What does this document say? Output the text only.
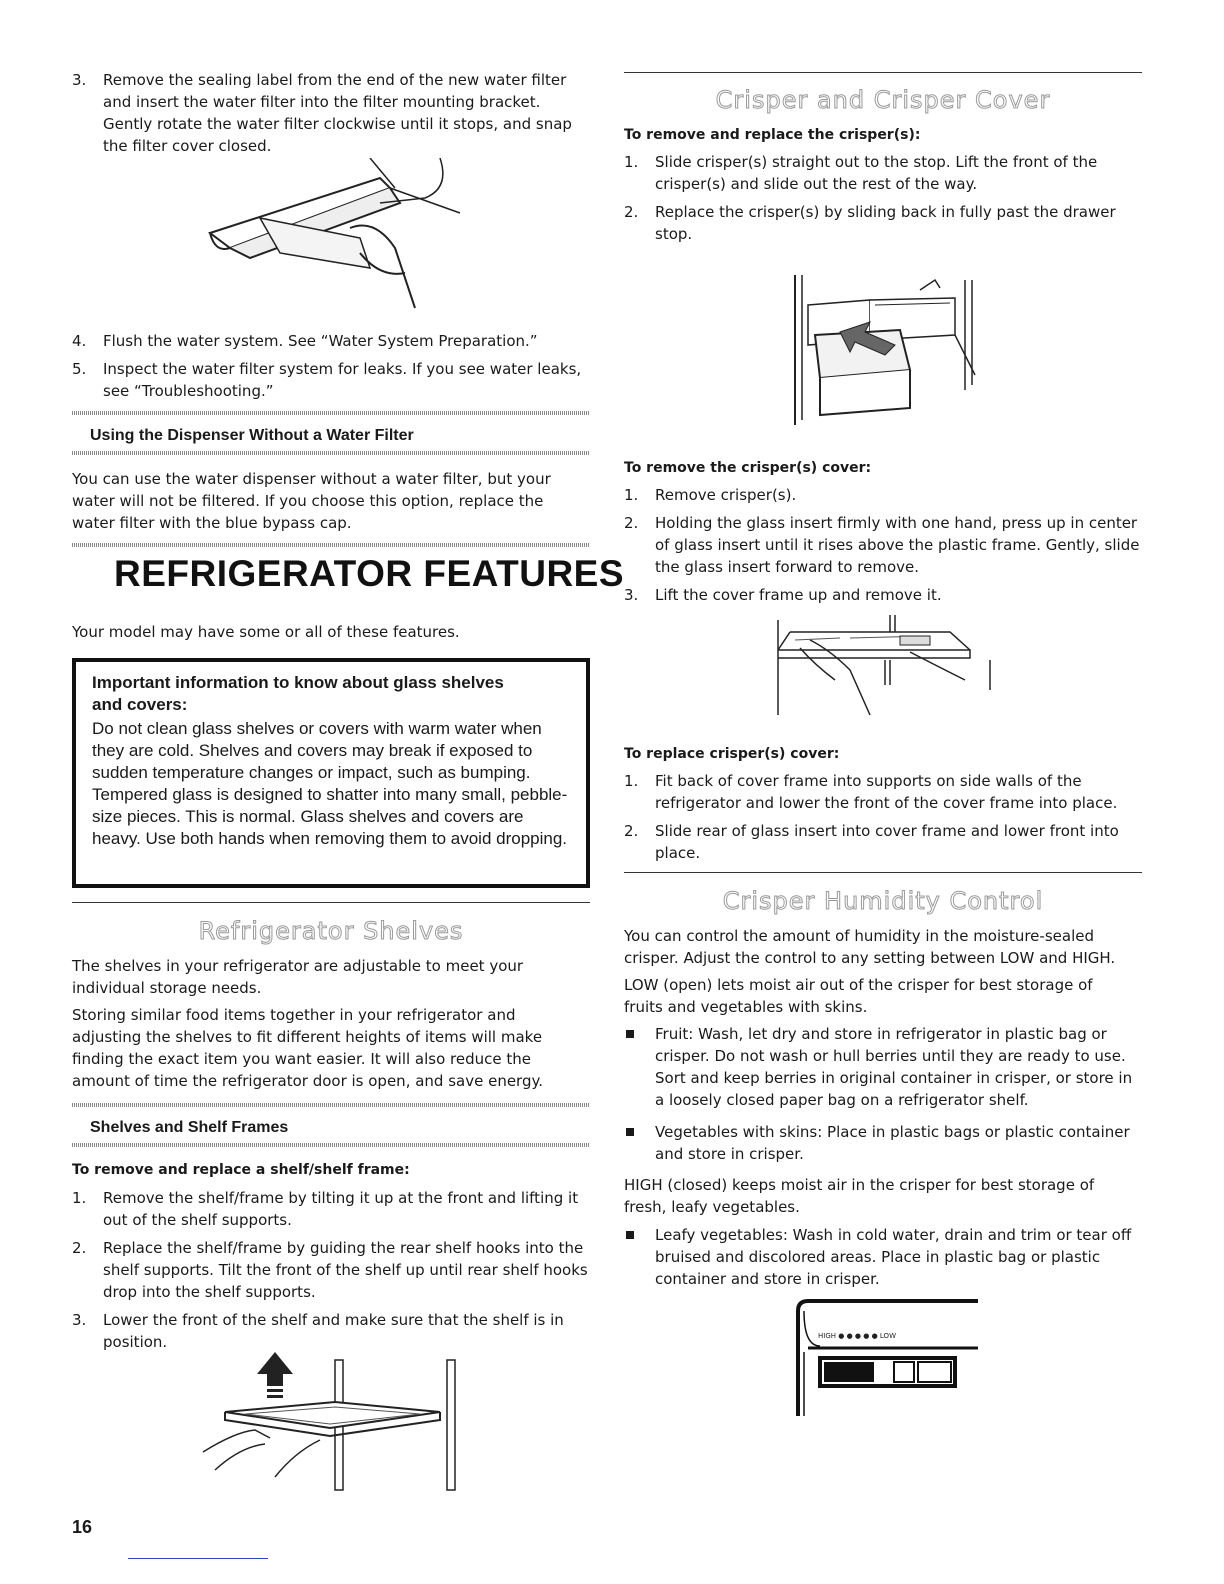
3. Remove the sealing label from the end of the new water filter and insert the water filter into the filter mounting bracket. Gently rotate the water filter clockwise until it stops, and snap the filter cover closed.
4. Flush the water system. See “Water System Preparation.”
5. Inspect the water filter system for leaks. If you see water leaks, see “Troubleshooting.”
Using the Dispenser Without a Water Filter

You can use the water dispenser without a water filter, but your water will not be filtered. If you choose this option, replace the water filter with the blue bypass cap.

REFRIGERATOR FEATURES

Your model may have some or all of these features.

Important information to know about glass shelves and covers:
Do not clean glass shelves or covers with warm water when they are cold. Shelves and covers may break if exposed to sudden temperature changes or impact, such as bumping. Tempered glass is designed to shatter into many small, pebble-size pieces. This is normal. Glass shelves and covers are heavy. Use both hands when removing them to avoid dropping.
Refrigerator Shelves

The shelves in your refrigerator are adjustable to meet your individual storage needs.

Storing similar food items together in your refrigerator and adjusting the shelves to fit different heights of items will make finding the exact item you want easier. It will also reduce the amount of time the refrigerator door is open, and save energy.

Shelves and Shelf Frames
To remove and replace a shelf/shelf frame:
1. Remove the shelf/frame by tilting it up at the front and lifting it out of the shelf supports.
2. Replace the shelf/frame by guiding the rear shelf hooks into the shelf supports. Tilt the front of the shelf up until rear shelf hooks drop into the shelf supports.
3. Lower the front of the shelf and make sure that the shelf is in position.
16
Crisper and Crisper Cover
To remove and replace the crisper(s):
1. Slide crisper(s) straight out to the stop. Lift the front of the crisper(s) and slide out the rest of the way.
2. Replace the crisper(s) by sliding back in fully past the drawer stop.
To remove the crisper(s) cover:
1. Remove crisper(s).
2. Holding the glass insert firmly with one hand, press up in center of glass insert until it rises above the plastic frame. Gently, slide the glass insert forward to remove.
3. Lift the cover frame up and remove it.
To replace crisper(s) cover:
1. Fit back of cover frame into supports on side walls of the refrigerator and lower the front of the cover frame into place.
2. Slide rear of glass insert into cover frame and lower front into place.
Crisper Humidity Control

You can control the amount of humidity in the moisture-sealed crisper. Adjust the control to any setting between LOW and HIGH.

LOW (open) lets moist air out of the crisper for best storage of fruits and vegetables with skins.

Fruit: Wash, let dry and store in refrigerator in plastic bag or crisper. Do not wash or hull berries until they are ready to use. Sort and keep berries in original container in crisper, or store in a loosely closed paper bag on a refrigerator shelf.
Vegetables with skins: Place in plastic bags or plastic container and store in crisper.

HIGH (closed) keeps moist air in the crisper for best storage of fresh, leafy vegetables.

Leafy vegetables: Wash in cold water, drain and trim or tear off bruised and discolored areas. Place in plastic bag or plastic container and store in crisper.
HIGH ● ● ● ● ● LOW
